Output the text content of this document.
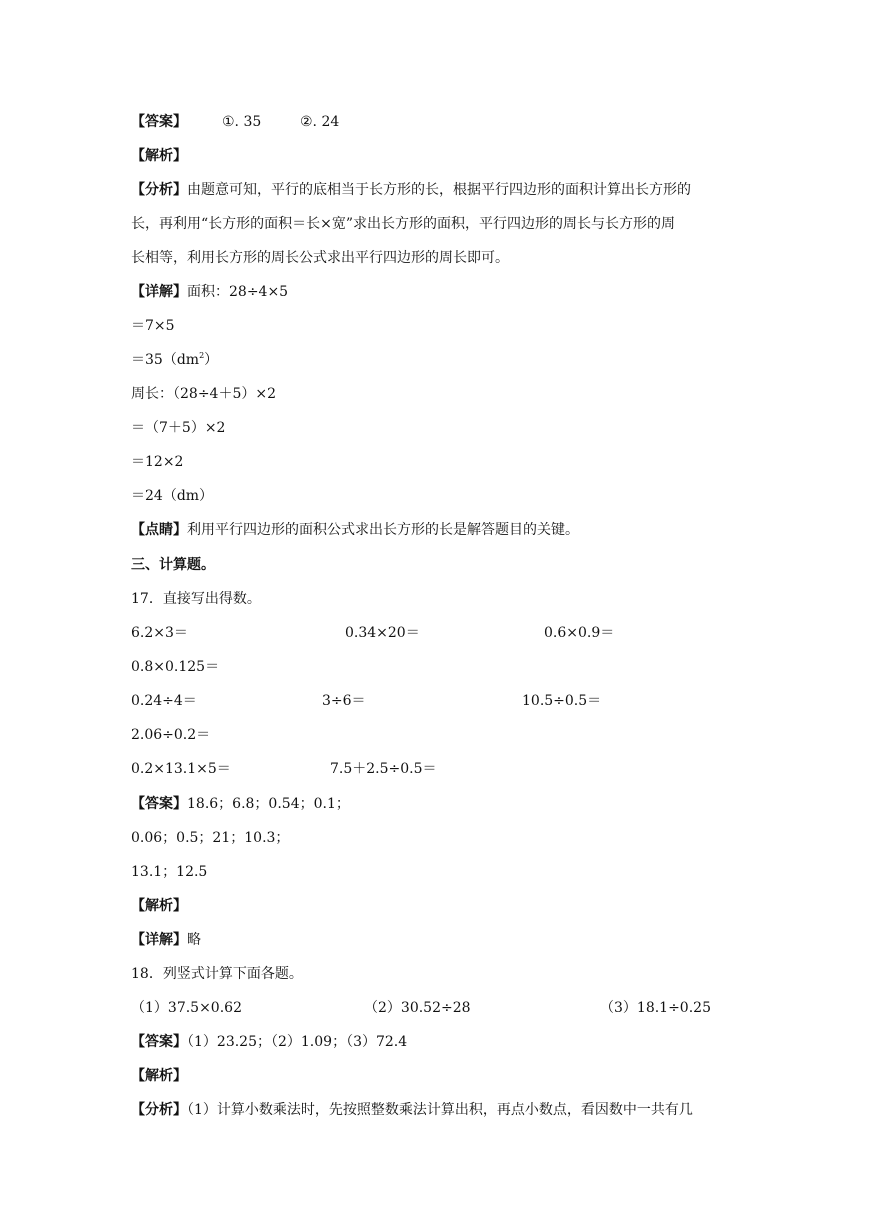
【答案】	①. 35	②. 24
【解析】
【分析】由题意可知，平行的底相当于长方形的长，根据平行四边形的面积计算出长方形的
长，再利用“长方形的面积＝长×宽”求出长方形的面积，平行四边形的周长与长方形的周
长相等，利用长方形的周长公式求出平行四边形的周长即可。
【详解】面积：28÷4×5
＝7×5
$=35(dm^2)$
周长：（28÷4＋5）×2
＝（7＋5）×2
＝12×2
＝24（dm）
【点睛】利用平行四边形的面积公式求出长方形的长是解答题目的关键。
三、计算题。
17．直接写出得数。
6.2×3＝	0.34×20＝	0.6×0.9＝
0.8×0.125＝
0.24÷4＝	3÷6＝	10.5÷0.5＝
2.06÷0.2＝
0.2×13.1×5＝	7.5＋2.5÷0.5＝
【答案】18.6；6.8；0.54；0.1；
0.06；0.5；21；10.3；
13.1；12.5
【解析】
【详解】略
18．列竖式计算下面各题。
（1）37.5×0.62	（2）30.52÷28	（3）18.1÷0.25
【答案】（1）23.25；（2）1.09；（3）72.4
【解析】
【分析】（1）计算小数乘法时，先按照整数乘法计算出积，再点小数点，看因数中一共有几
